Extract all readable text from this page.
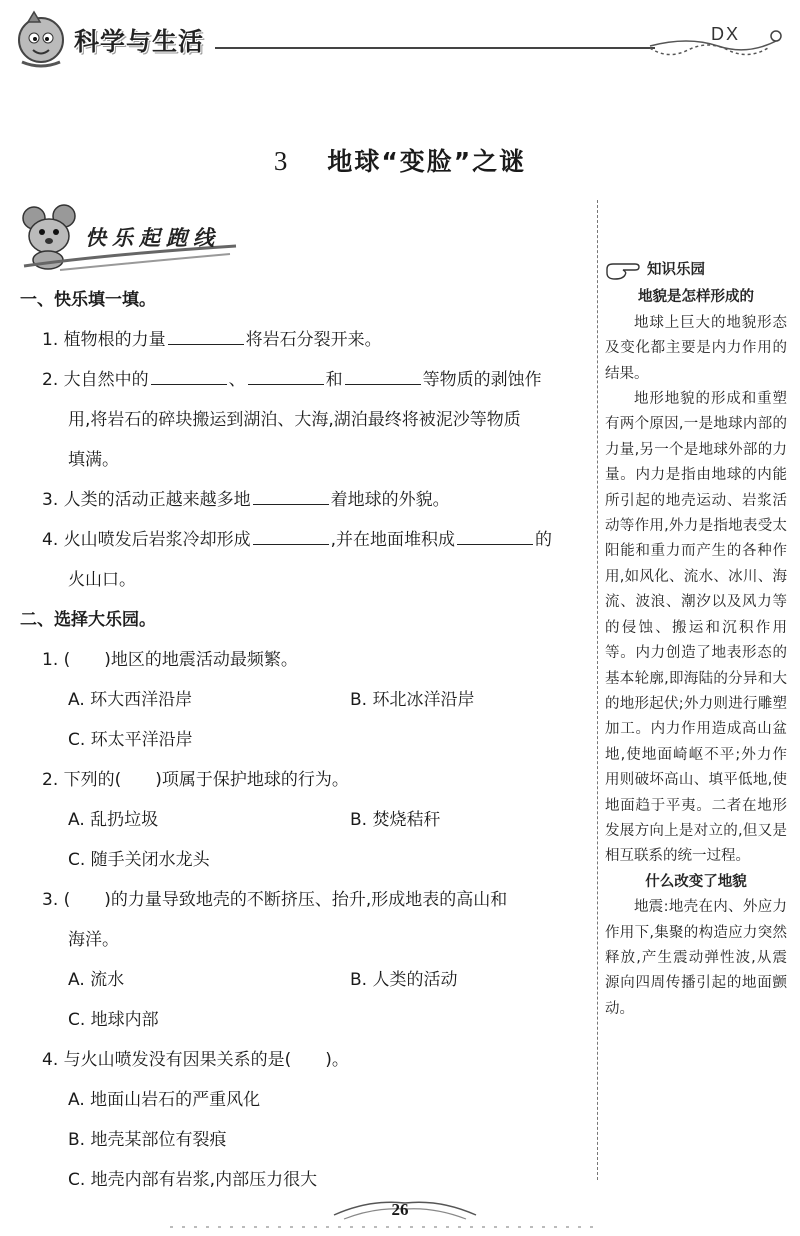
科学与生活	DX
3 地球“变脸”之谜
快乐起跑线
一、快乐填一填。
1. 植物根的力量	将岩石分裂开来。
2. 大自然中的	、	和	等物质的剥蚀作
用,将岩石的碎块搬运到湖泊、大海,湖泊最终将被泥沙等物质
填满。
3. 人类的活动正越来越多地	着地球的外貌。
4. 火山喷发后岩浆冷却形成	,并在地面堆积成	的
火山口。
二、选择大乐园。
1. (　　)地区的地震活动最频繁。
A. 环大西洋沿岸	B. 环北冰洋沿岸
C. 环太平洋沿岸
2. 下列的(　　)项属于保护地球的行为。
A. 乱扔垃圾	B. 焚烧秸秆
C. 随手关闭水龙头
3. (　　)的力量导致地壳的不断挤压、抬升,形成地表的高山和
海洋。
A. 流水	B. 人类的活动
C. 地球内部
4. 与火山喷发没有因果关系的是(　　)。
A. 地面山岩石的严重风化
B. 地壳某部位有裂痕
C. 地壳内部有岩浆,内部压力很大
知识乐园
地貌是怎样形成的

地球上巨大的地貌形态及变化都主要是内力作用的结果。

地形地貌的形成和重塑有两个原因,一是地球内部的力量,另一个是地球外部的力量。内力是指由地球的内能所引起的地壳运动、岩浆活动等作用,外力是指地表受太阳能和重力而产生的各种作用,如风化、流水、冰川、海流、波浪、潮汐以及风力等的侵蚀、搬运和沉积作用等。内力创造了地表形态的基本轮廓,即海陆的分异和大的地形起伏;外力则进行雕塑加工。内力作用造成高山盆地,使地面崎岖不平;外力作用则破坏高山、填平低地,使地面趋于平夷。二者在地形发展方向上是对立的,但又是相互联系的统一过程。

什么改变了地貌

地震:地壳在内、外应力作用下,集聚的构造应力突然释放,产生震动弹性波,从震源向四周传播引起的地面颤动。

26
